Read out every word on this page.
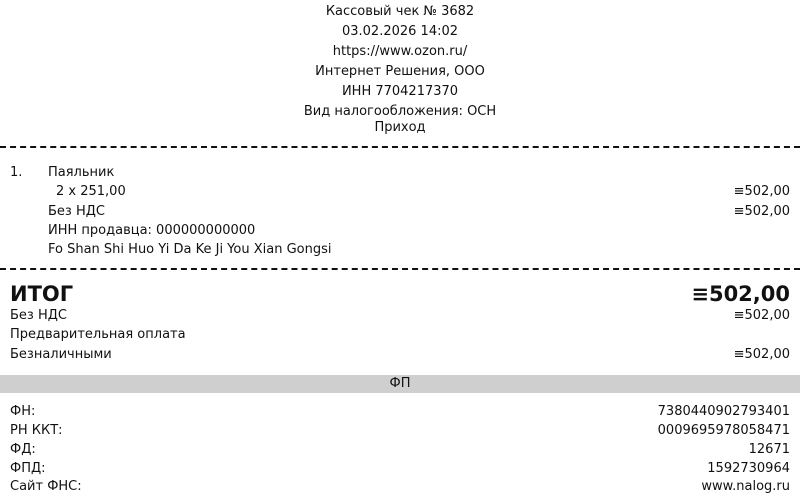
Кассовый чек № 3682
03.02.2026 14:02
https://www.ozon.ru/
Интернет Решения, ООО
ИНН 7704217370
Вид налогообложения: ОСН
Приход
1. Паяльник
2 x 251,00	≡502,00
Без НДС	≡502,00
ИНН продавца: 000000000000
Fo Shan Shi Huo Yi Da Ke Ji You Xian Gongsi
ИТОГ	≡502,00
Без НДС	≡502,00
Предварительная оплата
Безналичными	≡502,00
ФП
ФН:	7380440902793401
РН ККТ:	0009695978058471
ФД:	12671
ФПД:	1592730964
Сайт ФНС:	www.nalog.ru
